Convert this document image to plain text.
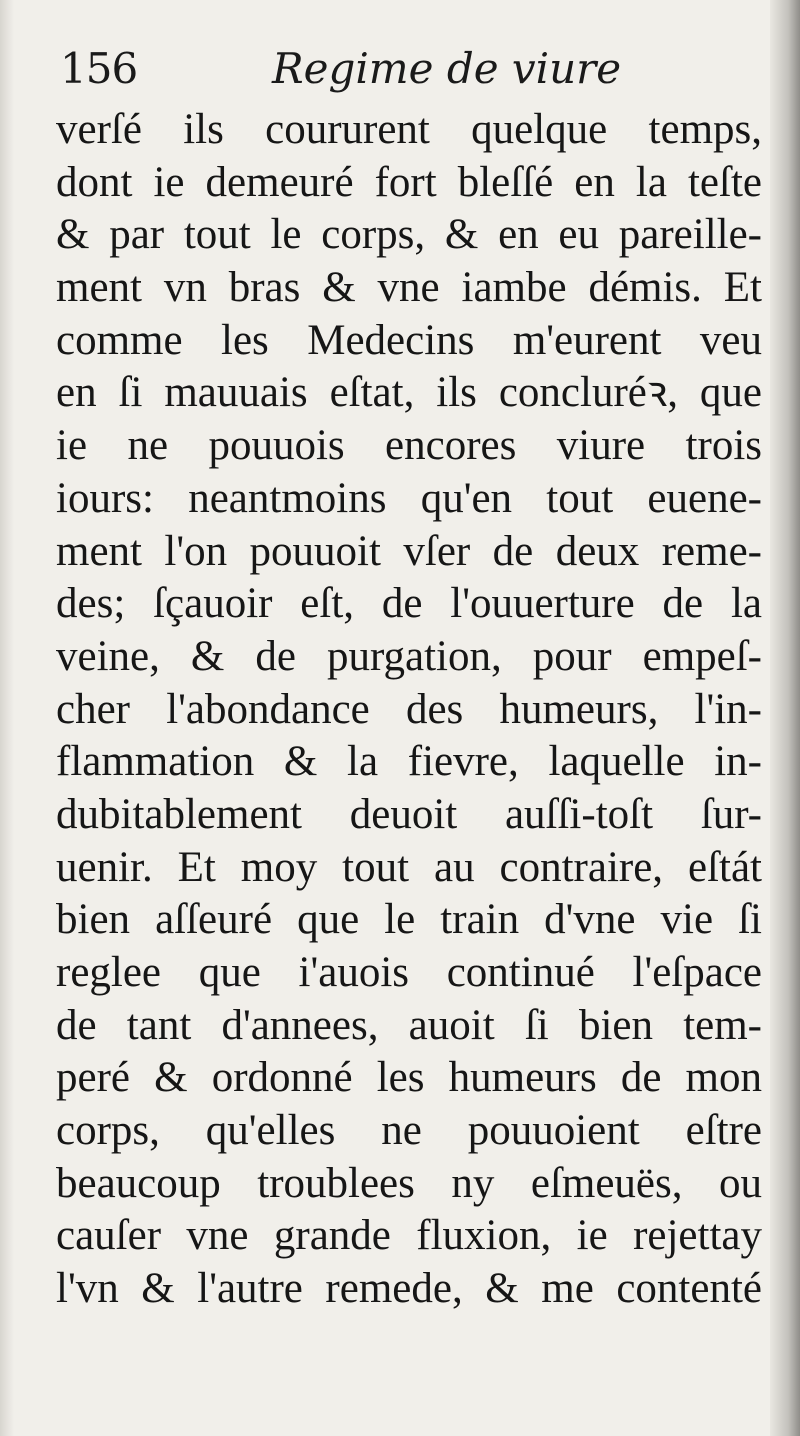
156	Regime de viure
verſé ils coururent quelque temps,
dont ie demeuré fort bleſſé en la teſte
& par tout le corps, & en eu pareille-
ment vn bras & vne iambe démis. Et
comme les Medecins m'eurent veu
en ſi mauuais eſtat, ils concluréꝛ, que
ie ne pouuois encores viure trois
iours: neantmoins qu'en tout euene-
ment l'on pouuoit vſer de deux reme-
des; ſçauoir eſt, de l'ouuerture de la
veine, & de purgation, pour empeſ-
cher l'abondance des humeurs, l'in-
flammation & la fievre, laquelle in-
dubitablement deuoit auſſi-toſt ſur-
uenir. Et moy tout au contraire, eſtát
bien aſſeuré que le train d'vne vie ſi
reglee que i'auois continué l'eſpace
de tant d'annees, auoit ſi bien tem-
peré & ordonné les humeurs de mon
corps, qu'elles ne pouuoient eſtre
beaucoup troublees ny eſmeuës, ou
cauſer vne grande fluxion, ie rejettay
l'vn & l'autre remede, & me contenté
